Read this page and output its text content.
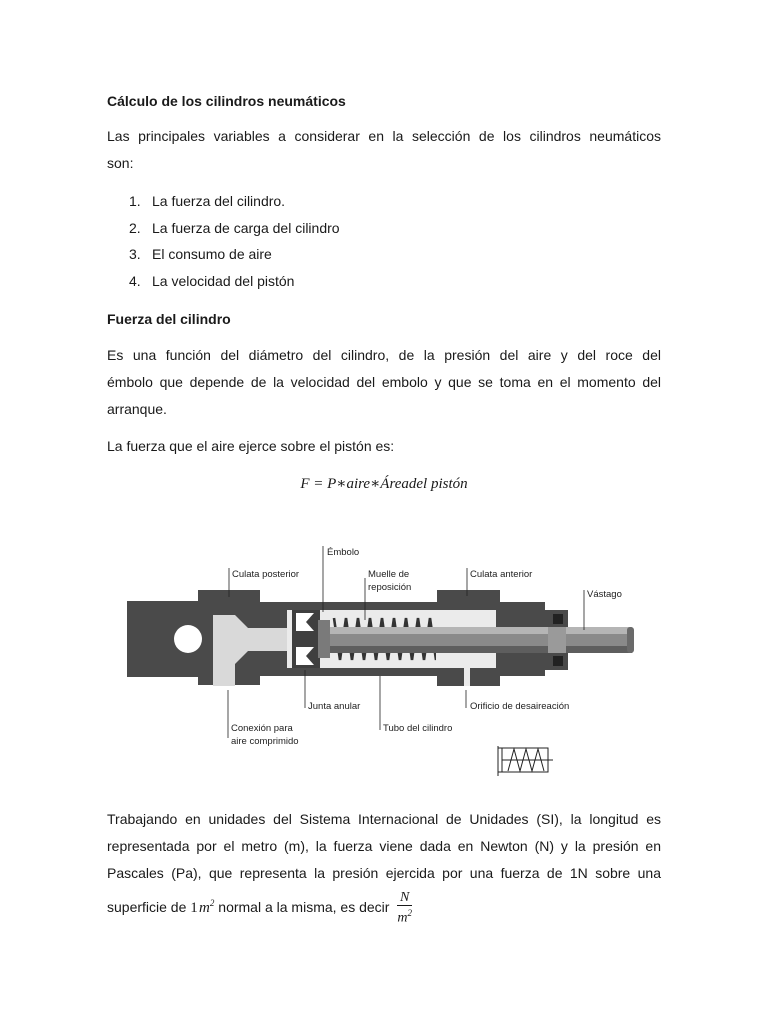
Cálculo de los cilindros neumáticos
Las principales variables a considerar en la selección de los cilindros neumáticos
son:
1. La fuerza del cilindro.
2. La fuerza de carga del cilindro
3. El consumo de aire
4. La velocidad del pistón
Fuerza del cilindro
Es una función del diámetro del cilindro, de la presión del aire y del roce del
émbolo que depende de la velocidad del embolo y que se toma en el momento del
arranque.
La fuerza que el aire ejerce sobre el pistón es:
F = P∗aire∗Áreadel pistón
Trabajando en unidades del Sistema Internacional de Unidades (SI), la longitud es
representada por el metro (m), la fuerza viene dada en Newton (N) y la presión en
Pascales (Pa), que representa la presión ejercida por una fuerza de 1N sobre una
superficie de 1 $m^2$ normal a la misma, es decir $\frac{N}{m^2}$
Émbolo
Culata posterior	Muelle de
reposición
Culata anterior
Vástago
Junta anular	Orificio de desaireación
Conexión para
aire comprimido
Tubo del cilindro
